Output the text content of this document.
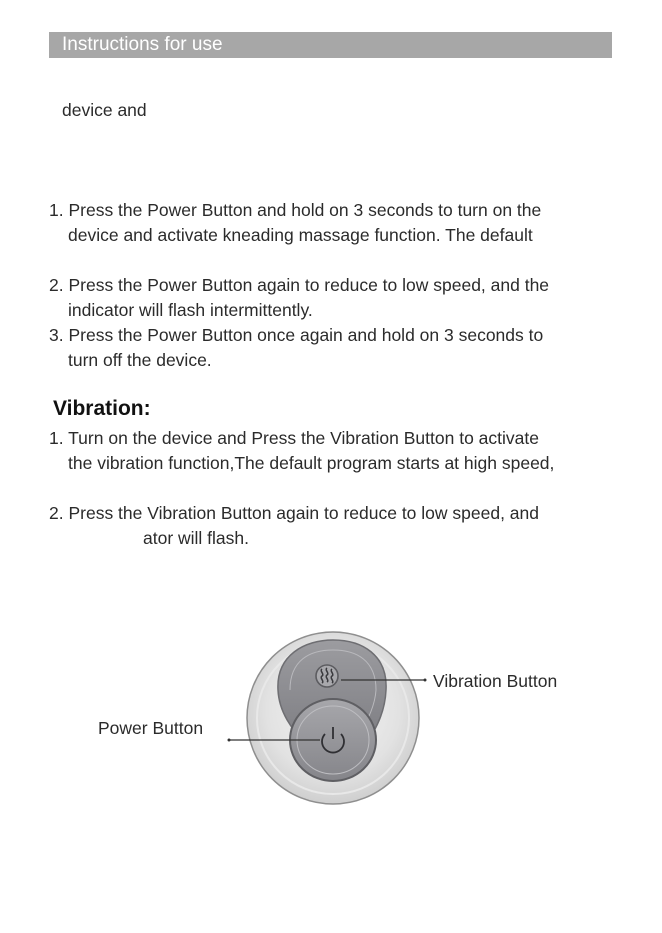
Instructions for use
device and
1. Press the Power Button and hold on 3 seconds to turn on the
device and activate kneading massage function. The default
2. Press the Power Button again to reduce to low speed, and the
indicator will flash intermittently.
3. Press the Power Button once again and hold on 3 seconds to
turn off the device.
Vibration:
1. Turn on the device and Press the Vibration Button to activate
the vibration function,The default program starts at high speed,
2. Press the Vibration Button again to reduce to low speed, and
ator will flash.
Vibration Button
Power Button
